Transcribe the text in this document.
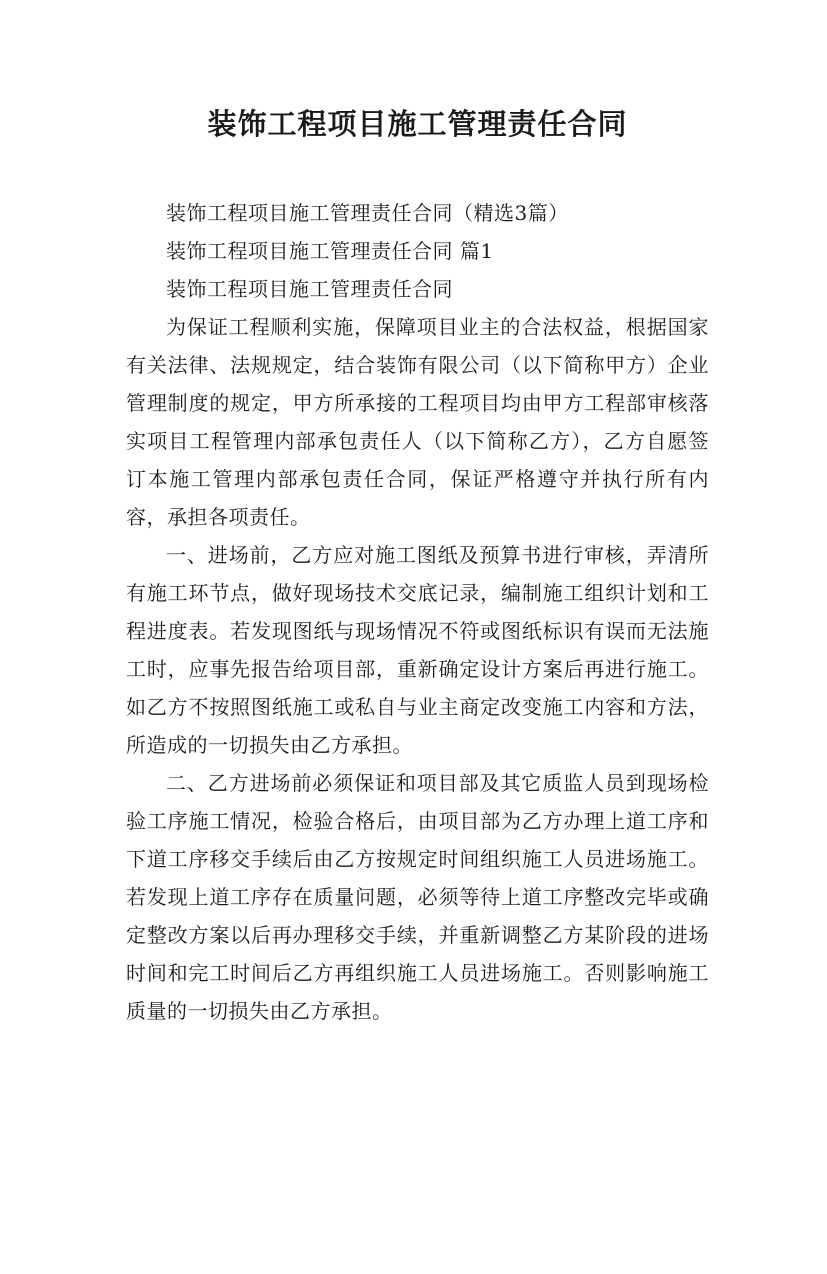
装饰工程项目施工管理责任合同

装饰工程项目施工管理责任合同（精选3篇）

装饰工程项目施工管理责任合同 篇1

装饰工程项目施工管理责任合同

为保证工程顺利实施，保障项目业主的合法权益，根据国家有关法律、法规规定，结合装饰有限公司（以下简称甲方）企业管理制度的规定，甲方所承接的工程项目均由甲方工程部审核落实项目工程管理内部承包责任人（以下简称乙方），乙方自愿签订本施工管理内部承包责任合同，保证严格遵守并执行所有内容，承担各项责任。

一、进场前，乙方应对施工图纸及预算书进行审核，弄清所有施工环节点，做好现场技术交底记录，编制施工组织计划和工程进度表。若发现图纸与现场情况不符或图纸标识有误而无法施工时，应事先报告给项目部，重新确定设计方案后再进行施工。如乙方不按照图纸施工或私自与业主商定改变施工内容和方法，所造成的一切损失由乙方承担。

二、乙方进场前必须保证和项目部及其它质监人员到现场检验工序施工情况，检验合格后，由项目部为乙方办理上道工序和下道工序移交手续后由乙方按规定时间组织施工人员进场施工。若发现上道工序存在质量问题，必须等待上道工序整改完毕或确定整改方案以后再办理移交手续，并重新调整乙方某阶段的进场时间和完工时间后乙方再组织施工人员进场施工。否则影响施工质量的一切损失由乙方承担。
